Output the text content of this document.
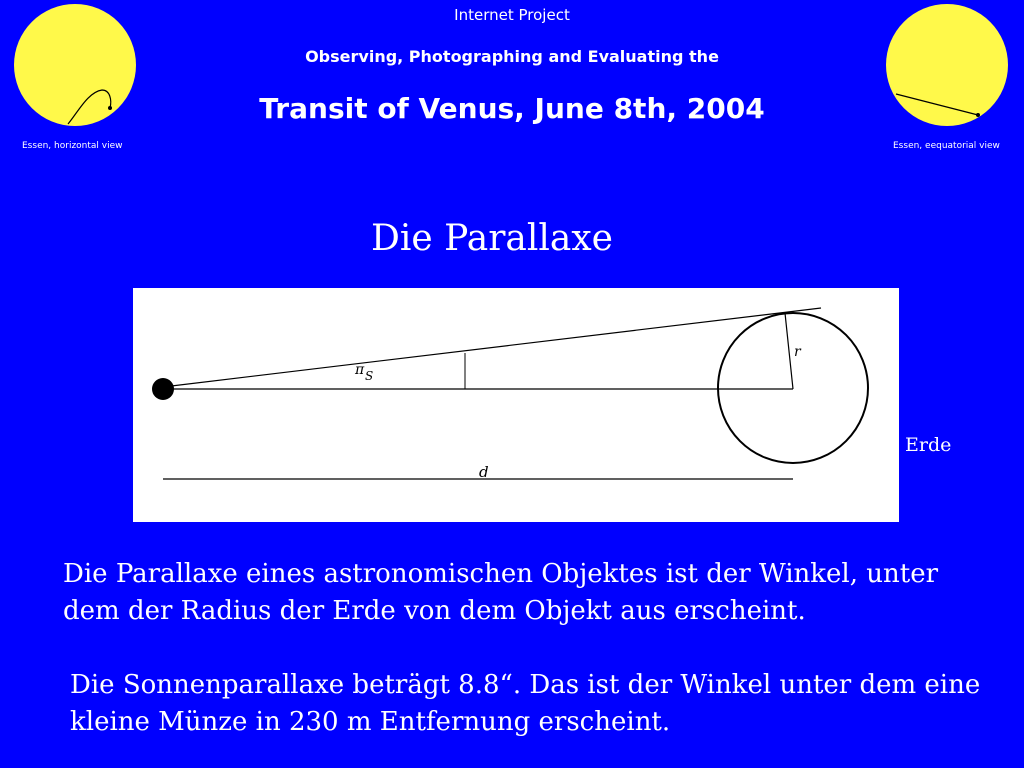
Essen, horizontal view	Essen, eequatorial view
Internet Project
Observing, Photographing and Evaluating the
Transit of Venus, June 8th, 2004
Die Parallaxe
r
π S
d
Erde
Die Parallaxe eines astronomischen Objektes ist der Winkel, unter dem der Radius der Erde von dem Objekt aus erscheint.
Die Sonnenparallaxe beträgt 8.8“. Das ist der Winkel unter dem eine kleine Münze in 230 m Entfernung erscheint.
